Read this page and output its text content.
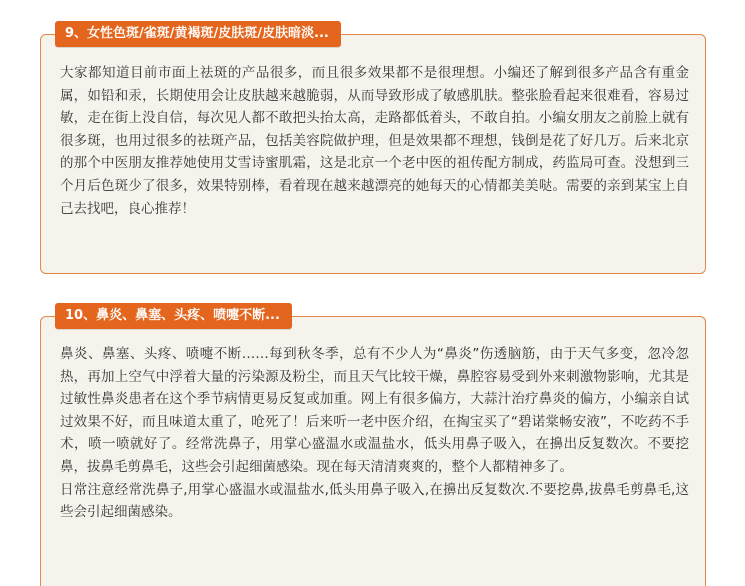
大家都知道目前市面上祛斑的产品很多，而且很多效果都不是很理想。小编还了解到很多产品含有重金属，如铅和汞，长期使用会让皮肤越来越脆弱，从而导致形成了敏感肌肤。整张脸看起来很难看，容易过敏，走在街上没自信，每次见人都不敢把头抬太高，走路都低着头，不敢自拍。小编女朋友之前脸上就有很多斑，也用过很多的祛斑产品，包括美容院做护理，但是效果都不理想，钱倒是花了好几万。后来北京的那个中医朋友推荐她使用艾雪诗蜜肌霜，这是北京一个老中医的祖传配方制成，药监局可查。没想到三个月后色斑少了很多，效果特别棒，看着现在越来越漂亮的她每天的心情都美美哒。需要的亲到某宝上自己去找吧，良心推荐！

9、女性色斑/雀斑/黄褐斑/皮肤斑/皮肤暗淡...

鼻炎、鼻塞、头疼、喷嚏不断……每到秋冬季，总有不少人为“鼻炎”伤透脑筋，由于天气多变，忽冷忽热，再加上空气中浮着大量的污染源及粉尘，而且天气比较干燥，鼻腔容易受到外来刺激物影响，尤其是过敏性鼻炎患者在这个季节病情更易反复或加重。网上有很多偏方，大蒜汁治疗鼻炎的偏方，小编亲自试过效果不好，而且味道太重了，呛死了！后来听一老中医介绍，在掏宝买了“碧诺棠畅安液”，不吃药不手术，喷一喷就好了。经常洗鼻子，用掌心盛温水或温盐水，低头用鼻子吸入，在擤出反复数次。不要挖鼻，拔鼻毛剪鼻毛，这些会引起细菌感染。现在每天清清爽爽的，整个人都精神多了。

日常注意经常洗鼻子,用掌心盛温水或温盐水,低头用鼻子吸入,在擤出反复数次.不要挖鼻,拔鼻毛剪鼻毛,这些会引起细菌感染。

10、鼻炎、鼻塞、头疼、喷嚏不断...
